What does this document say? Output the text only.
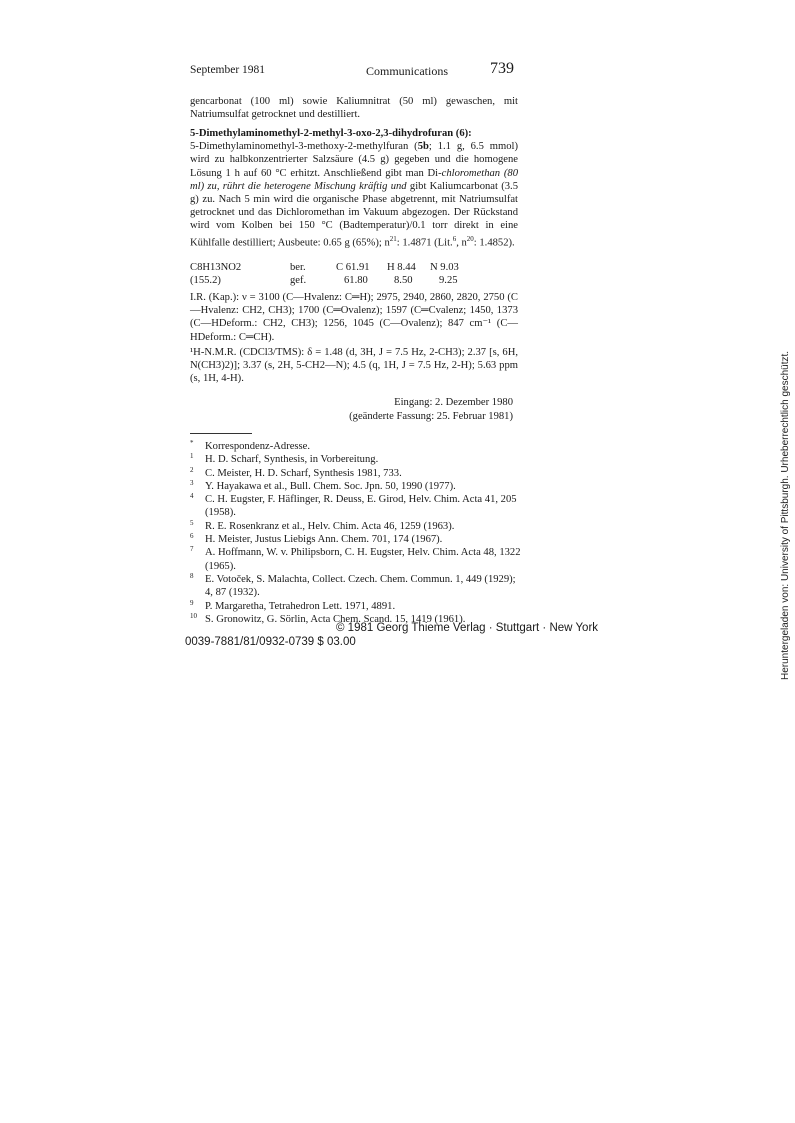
September 1981	Communications	739

gencarbonat (100 ml) sowie Kaliumnitrat (50 ml) gewaschen, mit Natriumsulfat getrocknet und destilliert.

5-Dimethylaminomethyl-2-methyl-3-oxo-2,3-dihydrofuran (6):

5-Dimethylaminomethyl-3-methoxy-2-methylfuran (5b; 1.1 g, 6.5 mmol) wird zu halbkonzentrierter Salzsäure (4.5 g) gegeben und die homogene Lösung 1 h auf 60 °C erhitzt. Anschließend gibt man Di-chloromethan (80 ml) zu, rührt die heterogene Mischung kräftig und gibt Kaliumcarbonat (3.5 g) zu. Nach 5 min wird die organische Phase abgetrennt, mit Natriumsulfat getrocknet und das Dichloromethan im Vakuum abgezogen. Der Rückstand wird vom Kolben bei 150 °C (Badtemperatur)/0.1 torr direkt in eine Kühlfalle destilliert; Ausbeute: 0.65 g (65%); $n^{21}$: 1.4871 (Lit.$^6$, $n^{20}$: 1.4852).

C8H13NO2	ber.	C 61.91 H 8.44 N 9.03
(155.2)	gef.	61.80 8.50 9.25

I.R. (Kap.): ν = 3100 (C—Hvalenz: C═H); 2975, 2940, 2860, 2820, 2750 (C—Hvalenz: CH2, CH3); 1700 (C═Ovalenz); 1597 (C═Cvalenz; 1450, 1373 (C—HDeform.: CH2, CH3); 1256, 1045 (C—Ovalenz); 847 cm⁻¹ (C—HDeform.: C═CH).

¹H-N.M.R. (CDCl3/TMS): δ = 1.48 (d, 3H, J = 7.5 Hz, 2-CH3); 2.37 [s, 6H, N(CH3)2)]; 3.37 (s, 2H, 5-CH2—N); 4.5 (q, 1H, J = 7.5 Hz, 2-H); 5.63 ppm (s, 1H, 4-H).

Eingang: 2. Dezember 1980
(geänderte Fassung: 25. Februar 1981)
* Korrespondenz-Adresse.
1 H. D. Scharf, Synthesis, in Vorbereitung.
2 C. Meister, H. D. Scharf, Synthesis 1981, 733.
3 Y. Hayakawa et al., Bull. Chem. Soc. Jpn. 50, 1990 (1977).
4 C. H. Eugster, F. Häflinger, R. Deuss, E. Girod, Helv. Chim. Acta 41, 205 (1958).
5 R. E. Rosenkranz et al., Helv. Chim. Acta 46, 1259 (1963).
6 H. Meister, Justus Liebigs Ann. Chem. 701, 174 (1967).
7 A. Hoffmann, W. v. Philipsborn, C. H. Eugster, Helv. Chim. Acta 48, 1322 (1965).
8 E. Votoček, S. Malachta, Collect. Czech. Chem. Commun. 1, 449 (1929); 4, 87 (1932).
9 P. Margaretha, Tetrahedron Lett. 1971, 4891.
10 S. Gronowitz, G. Sörlin, Acta Chem. Scand. 15, 1419 (1961).
© 1981 Georg Thieme Verlag · Stuttgart · New York
0039-7881/81/0932-0739 $ 03.00	Heruntergeladen von: University of Pittsburgh. Urheberrechtlich geschützt.
